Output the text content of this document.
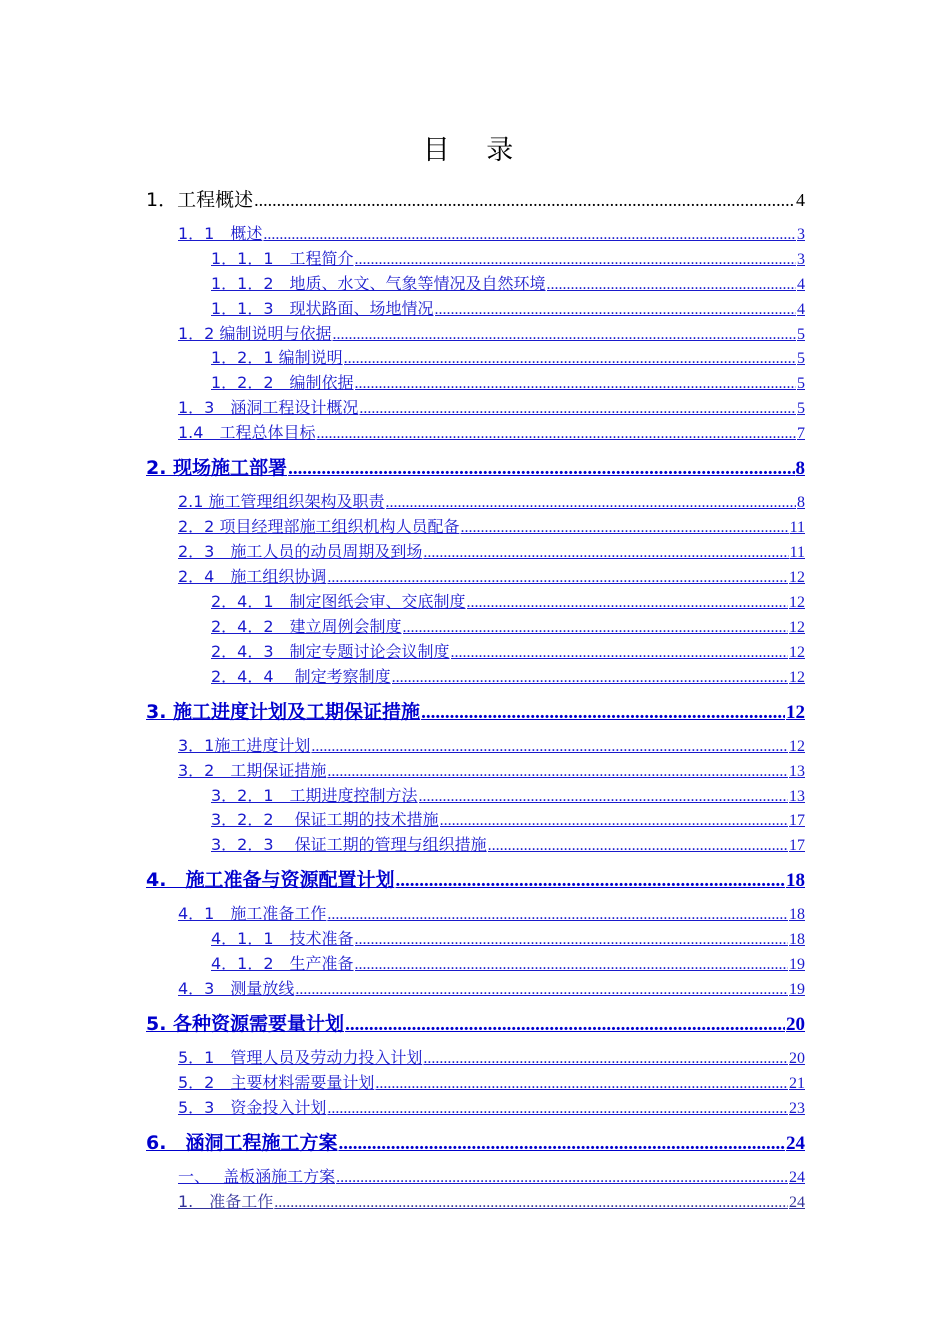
目 录
1．工程概述 .....	4
1．1　概述 .....	3
1．1．1　工程简介 .....	3
1．1．2　地质、水文、气象等情况及自然环境 .....	4
1．1．3　现状路面、场地情况 .....	4
1．2 编制说明与依据 .....	5
1．2．1 编制说明 .....	5
1．2．2　编制依据 .....	5
1．3　涵洞工程设计概况 .....	5
1.4　工程总体目标 .....	7
2. 现场施工部署 .....	8
2.1 施工管理组织架构及职责 .....	8
2．2 项目经理部施工组织机构人员配备 .....	11
2．3　施工人员的动员周期及到场 .....	11
2．4　施工组织协调 .....	12
2．4．1　制定图纸会审、交底制度 .....	12
2．4．2　建立周例会制度 .....	12
2．4．3　制定专题讨论会议制度 .....	12
2．4．4　 制定考察制度 .....	12
3. 施工进度计划及工期保证措施 .....	12
3．1施工进度计划 .....	12
3．2　工期保证措施 .....	13
3．2．1　工期进度控制方法 .....	13
3．2．2　 保证工期的技术措施 .....	17
3．2．3　 保证工期的管理与组织措施 .....	17
4.　施工准备与资源配置计划 .....	18
4．1　施工准备工作 .....	18
4．1．1　技术准备 .....	18
4．1．2　生产准备 .....	19
4．3　测量放线 .....	19
5. 各种资源需要量计划 .....	20
5．1　管理人员及劳动力投入计划 .....	20
5．2　主要材料需要量计划 .....	21
5．3　资金投入计划 .....	23
6.　涵洞工程施工方案 .....	24
一、　 盖板涵施工方案 .....	24
1.　准备工作 .....	24
